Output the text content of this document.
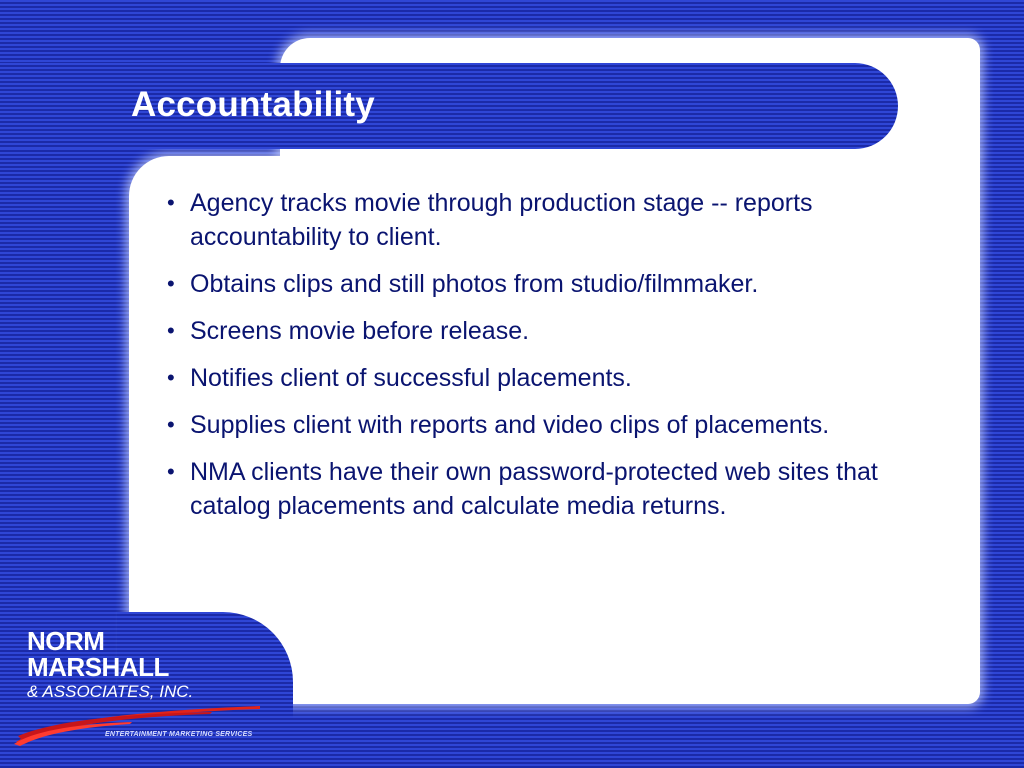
Accountability
• Agency tracks movie through production stage -- reports accountability to client.
• Obtains clips and still photos from studio/filmmaker.
• Screens movie before release.
• Notifies client of successful placements.
• Supplies client with reports and video clips of placements.
• NMA clients have their own password-protected web sites that catalog placements and calculate media returns.
NORM
MARSHALL
& ASSOCIATES, INC.
ENTERTAINMENT MARKETING SERVICES
